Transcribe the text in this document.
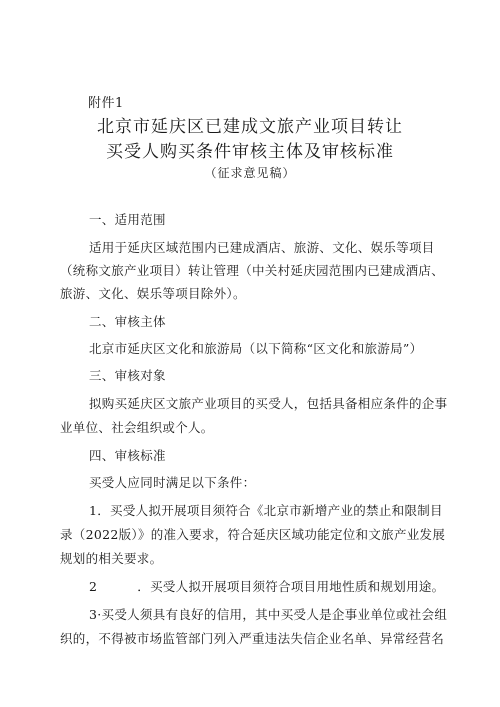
附件1
北京市延庆区已建成文旅产业项目转让
买受人购买条件审核主体及审核标准
（征求意见稿）
一、适用范围
适用于延庆区域范围内已建成酒店、旅游、文化、娱乐等项目
（统称文旅产业项目）转让管理（中关村延庆园范围内已建成酒店、
旅游、文化、娱乐等项目除外）。
二、审核主体
北京市延庆区文化和旅游局（以下简称“区文化和旅游局”）
三、审核对象
拟购买延庆区文旅产业项目的买受人，包括具备相应条件的企事
业单位、社会组织或个人。
四、审核标准
买受人应同时满足以下条件：
1．买受人拟开展项目须符合《北京市新增产业的禁止和限制目
录（2022版）》的准入要求，符合延庆区域功能定位和文旅产业发展
规划的相关要求。
2	．买受人拟开展项目须符合项目用地性质和规划用途。
3·买受人须具有良好的信用，其中买受人是企事业单位或社会组
织的，不得被市场监管部门列入严重违法失信企业名单、异常经营名
